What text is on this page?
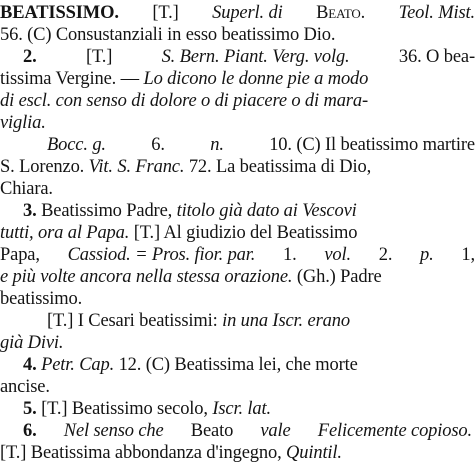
BEATISSIMO. [T.] Superl. di Beato. Teol. Mist.
56. (C) Consustanziali in esso beatissimo Dio.
2.	[T.]	S. Bern. Piant. Verg. volg.	36. O bea-
tissima Vergine. — Lo dicono le donne pie a modo
di escl. con senso di dolore o di piacere o di mara-
viglia.
Bocc. g. 6. n. 10. (C) Il beatissimo martire
S. Lorenzo. Vit. S. Franc. 72. La beatissima di Dio,
Chiara.
3. Beatissimo Padre, titolo già dato ai Vescovi
tutti, ora al Papa. [T.] Al giudizio del Beatissimo
Papa, Cassiod. = Pros. fior. par. 1. vol. 2. p. 1,
e più volte ancora nella stessa orazione. (Gh.) Padre
beatissimo.
[T.] I Cesari beatissimi: in una Iscr. erano
già Divi.
4. Petr. Cap. 12. (C) Beatissima lei, che morte
ancise.
5. [T.] Beatissimo secolo, Iscr. lat.
6. Nel senso che Beato vale Felicemente copioso.
[T.] Beatissima abbondanza d'ingegno, Quintil.
